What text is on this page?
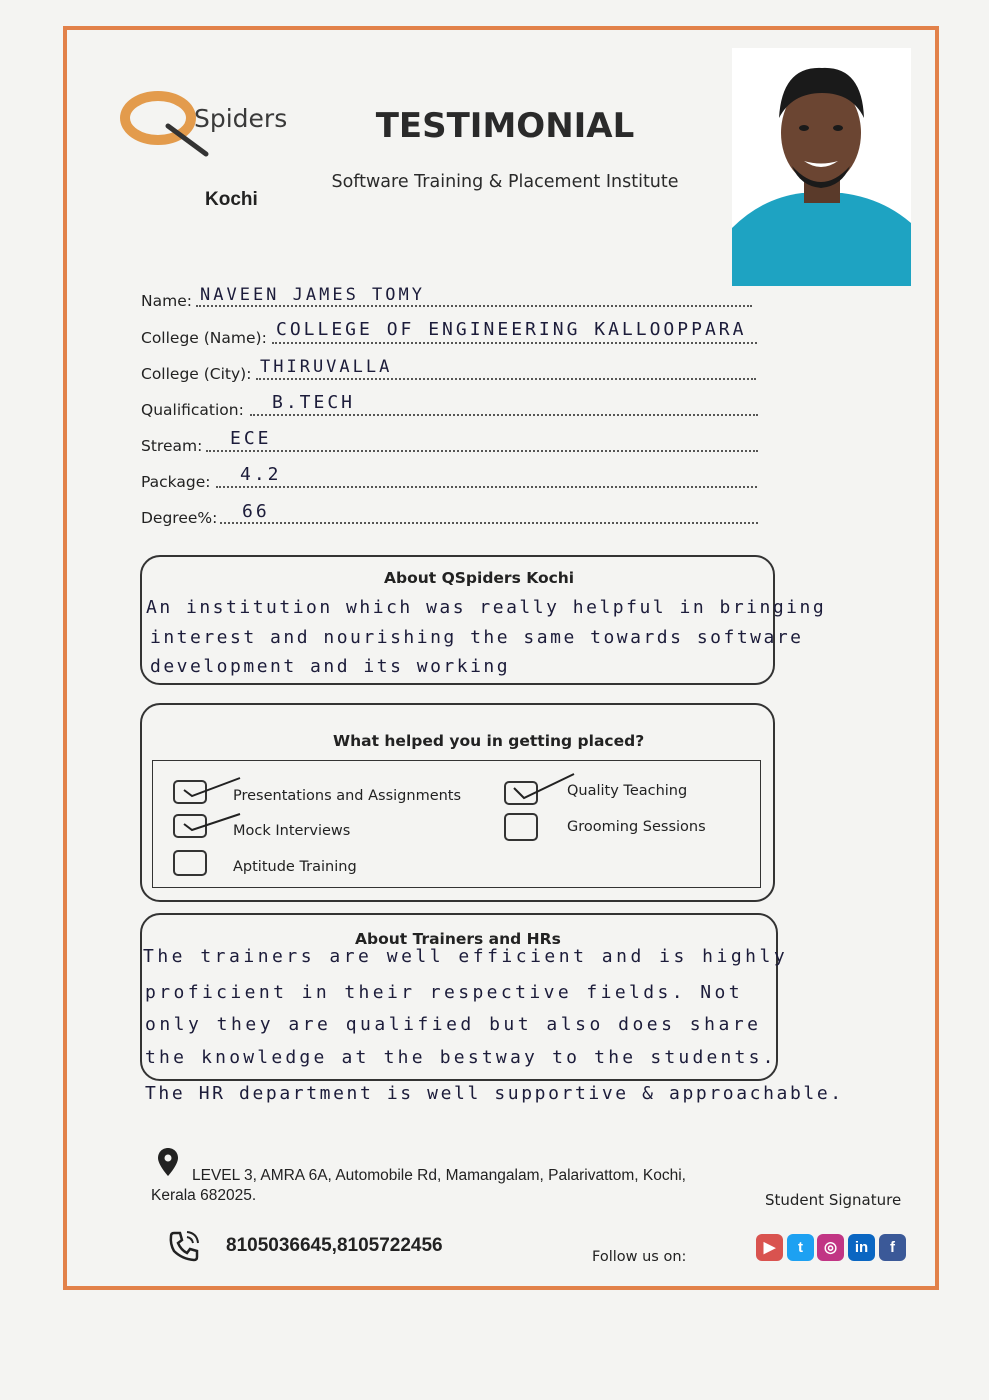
Spiders
Kochi
TESTIMONIAL
Software Training & Placement Institute
Name: NAVEEN JAMES TOMY
College (Name): COLLEGE OF ENGINEERING KALLOOPPARA
College (City): THIRUVALLA
Qualification: B.TECH
Stream: ECE
Package: 4.2
Degree%: 66
About QSpiders Kochi
An institution which was really helpful in bringing
interest and nourishing the same towards software
development and its working
What helped you in getting placed?
Presentations and Assignments
Mock Interviews
Aptitude Training
Quality Teaching
Grooming Sessions
About Trainers and HRs
The trainers are well efficient and is highly
proficient in their respective fields. Not
only they are qualified but also does share
the knowledge at the bestway to the students.
The HR department is well supportive & approachable.
LEVEL 3, AMRA 6A, Automobile Rd, Mamangalam, Palarivattom, Kochi,
Kerala 682025.	Student Signature
8105036645,8105722456
Follow us on:
▶	t	◎	in	f
